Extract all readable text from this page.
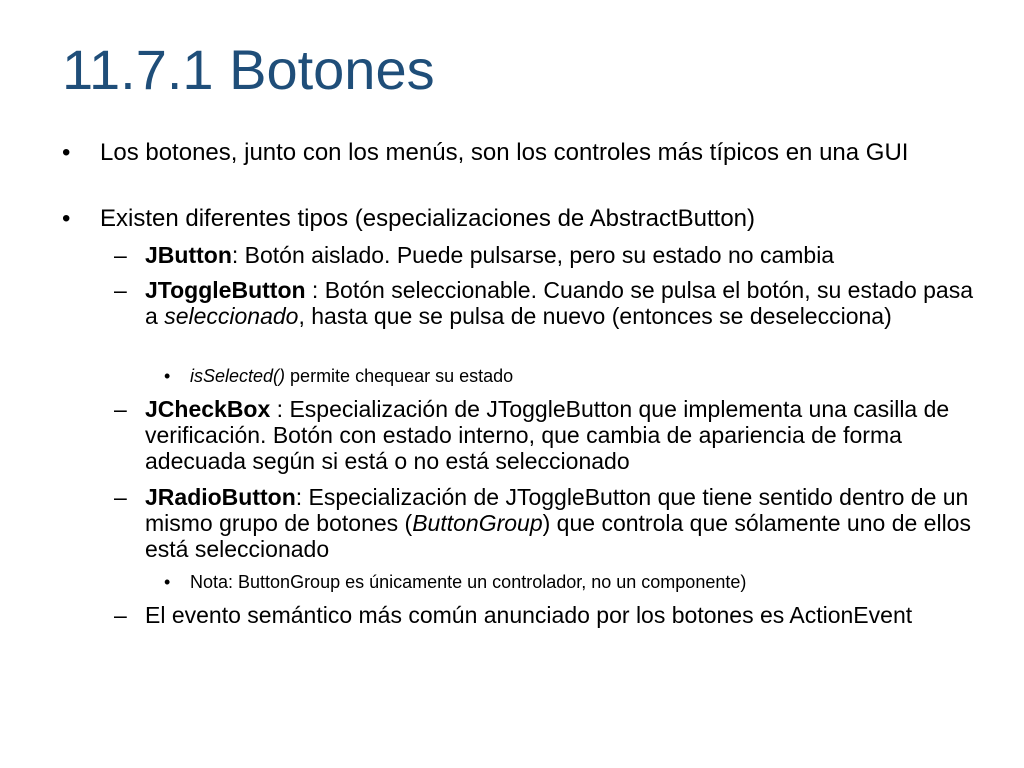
11.7.1 Botones
• Los botones, junto con los menús, son los controles más típicos en una GUI
• Existen diferentes tipos (especializaciones de AbstractButton)
– JButton: Botón aislado. Puede pulsarse, pero su estado no cambia
– JToggleButton : Botón seleccionable. Cuando se pulsa el botón, su estado pasa a seleccionado, hasta que se pulsa de nuevo (entonces se deselecciona)
• isSelected() permite chequear su estado
– JCheckBox : Especialización de JToggleButton que implementa una casilla de verificación. Botón con estado interno, que cambia de apariencia de forma adecuada según si está o no está seleccionado
– JRadioButton: Especialización de JToggleButton que tiene sentido dentro de un mismo grupo de botones (ButtonGroup) que controla que sólamente uno de ellos está seleccionado
• Nota: ButtonGroup es únicamente un controlador, no un componente)
– El evento semántico más común anunciado por los botones es ActionEvent
